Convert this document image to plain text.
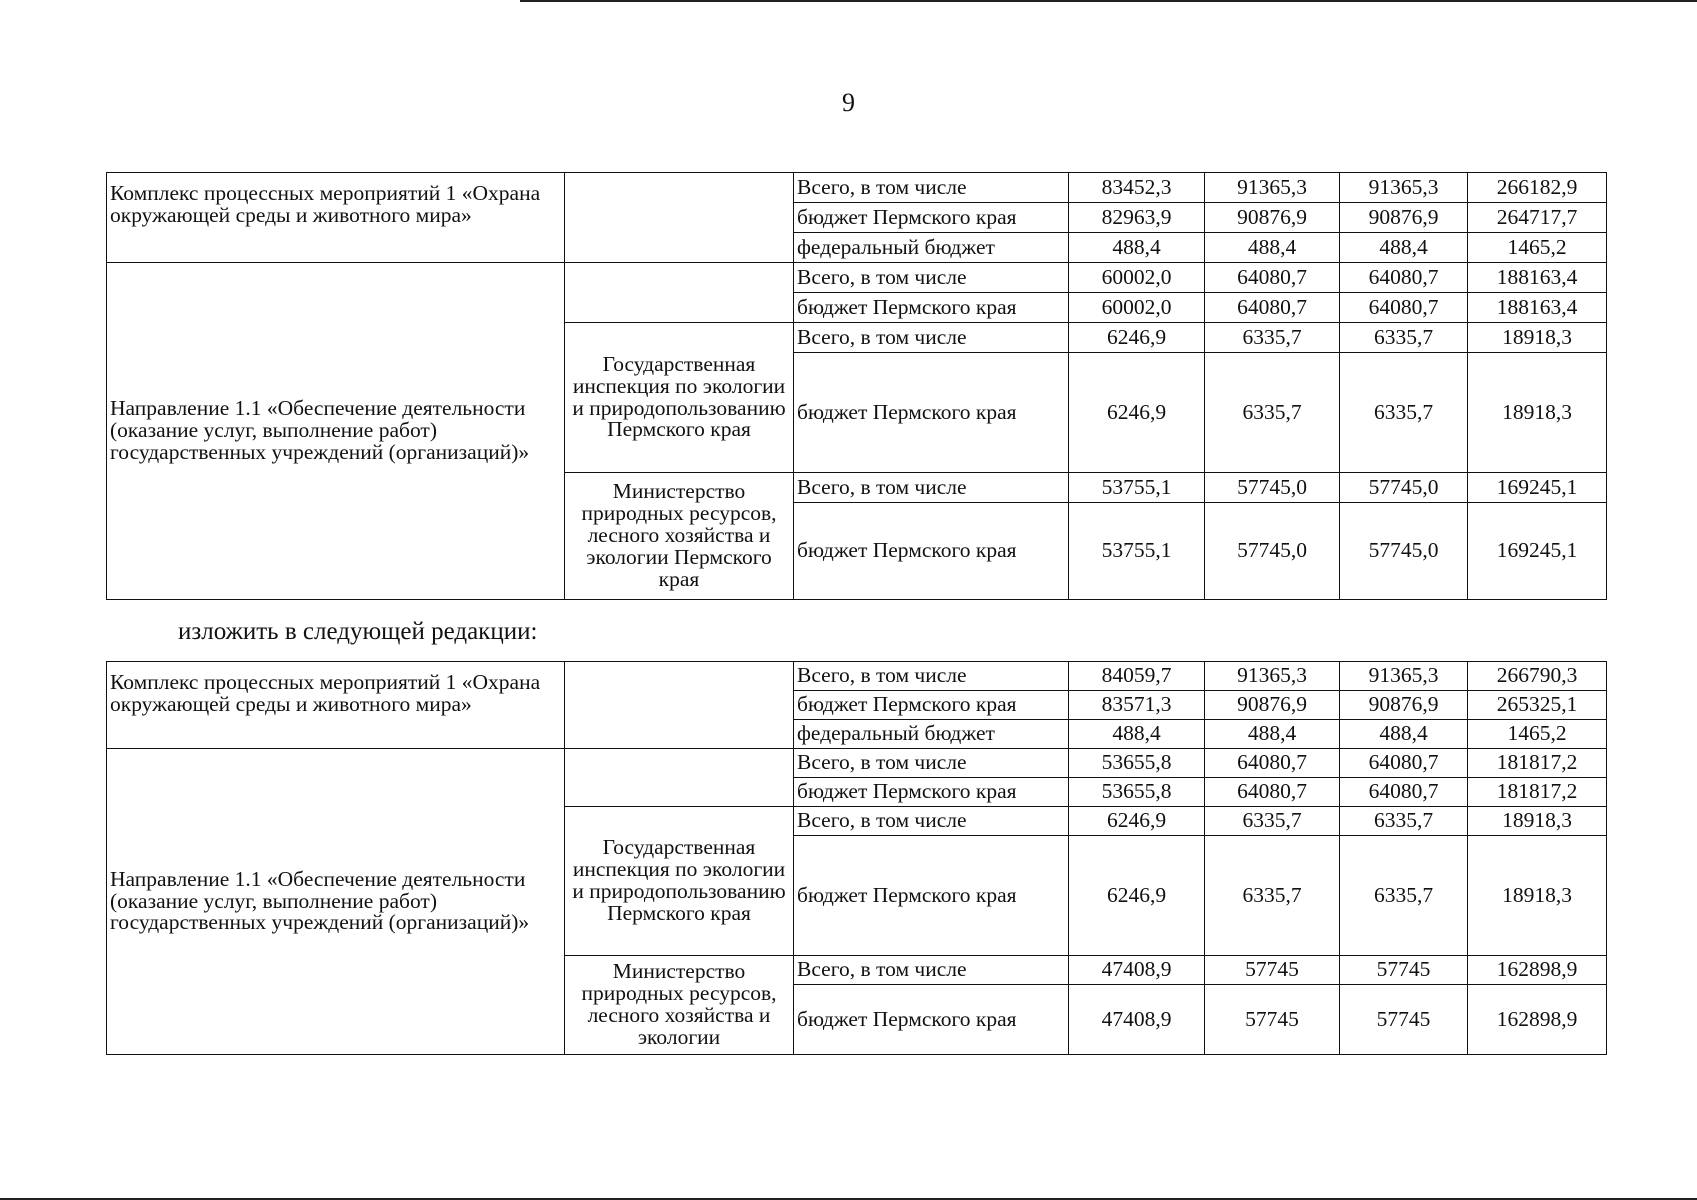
9
Комплекс процессных мероприятий 1 «Охрана окружающей среды и животного мира»		Всего, в том числе	83452,3	91365,3	91365,3	266182,9
		бюджет Пермского края	82963,9	90876,9	90876,9	264717,7
		федеральный бюджет	488,4	488,4	488,4	1465,2
Направление 1.1 «Обеспечение деятельности (оказание услуг, выполнение работ) государственных учреждений (организаций)»		Всего, в том числе	60002,0	64080,7	64080,7	188163,4
		бюджет Пермского края	60002,0	64080,7	64080,7	188163,4
	Государственная инспекция по экологии и природопользованию Пермского края	Всего, в том числе	6246,9	6335,7	6335,7	18918,3
		бюджет Пермского края	6246,9	6335,7	6335,7	18918,3
	Министерство природных ресурсов, лесного хозяйства и экологии Пермского края	Всего, в том числе	53755,1	57745,0	57745,0	169245,1
		бюджет Пермского края	53755,1	57745,0	57745,0	169245,1
изложить в следующей редакции:
Комплекс процессных мероприятий 1 «Охрана окружающей среды и животного мира»		Всего, в том числе	84059,7	91365,3	91365,3	266790,3
		бюджет Пермского края	83571,3	90876,9	90876,9	265325,1
		федеральный бюджет	488,4	488,4	488,4	1465,2
Направление 1.1 «Обеспечение деятельности (оказание услуг, выполнение работ) государственных учреждений (организаций)»		Всего, в том числе	53655,8	64080,7	64080,7	181817,2
		бюджет Пермского края	53655,8	64080,7	64080,7	181817,2
	Государственная инспекция по экологии и природопользованию Пермского края	Всего, в том числе	6246,9	6335,7	6335,7	18918,3
		бюджет Пермского края	6246,9	6335,7	6335,7	18918,3
	Министерство природных ресурсов, лесного хозяйства и экологии	Всего, в том числе	47408,9	57745	57745	162898,9
		бюджет Пермского края	47408,9	57745	57745	162898,9
